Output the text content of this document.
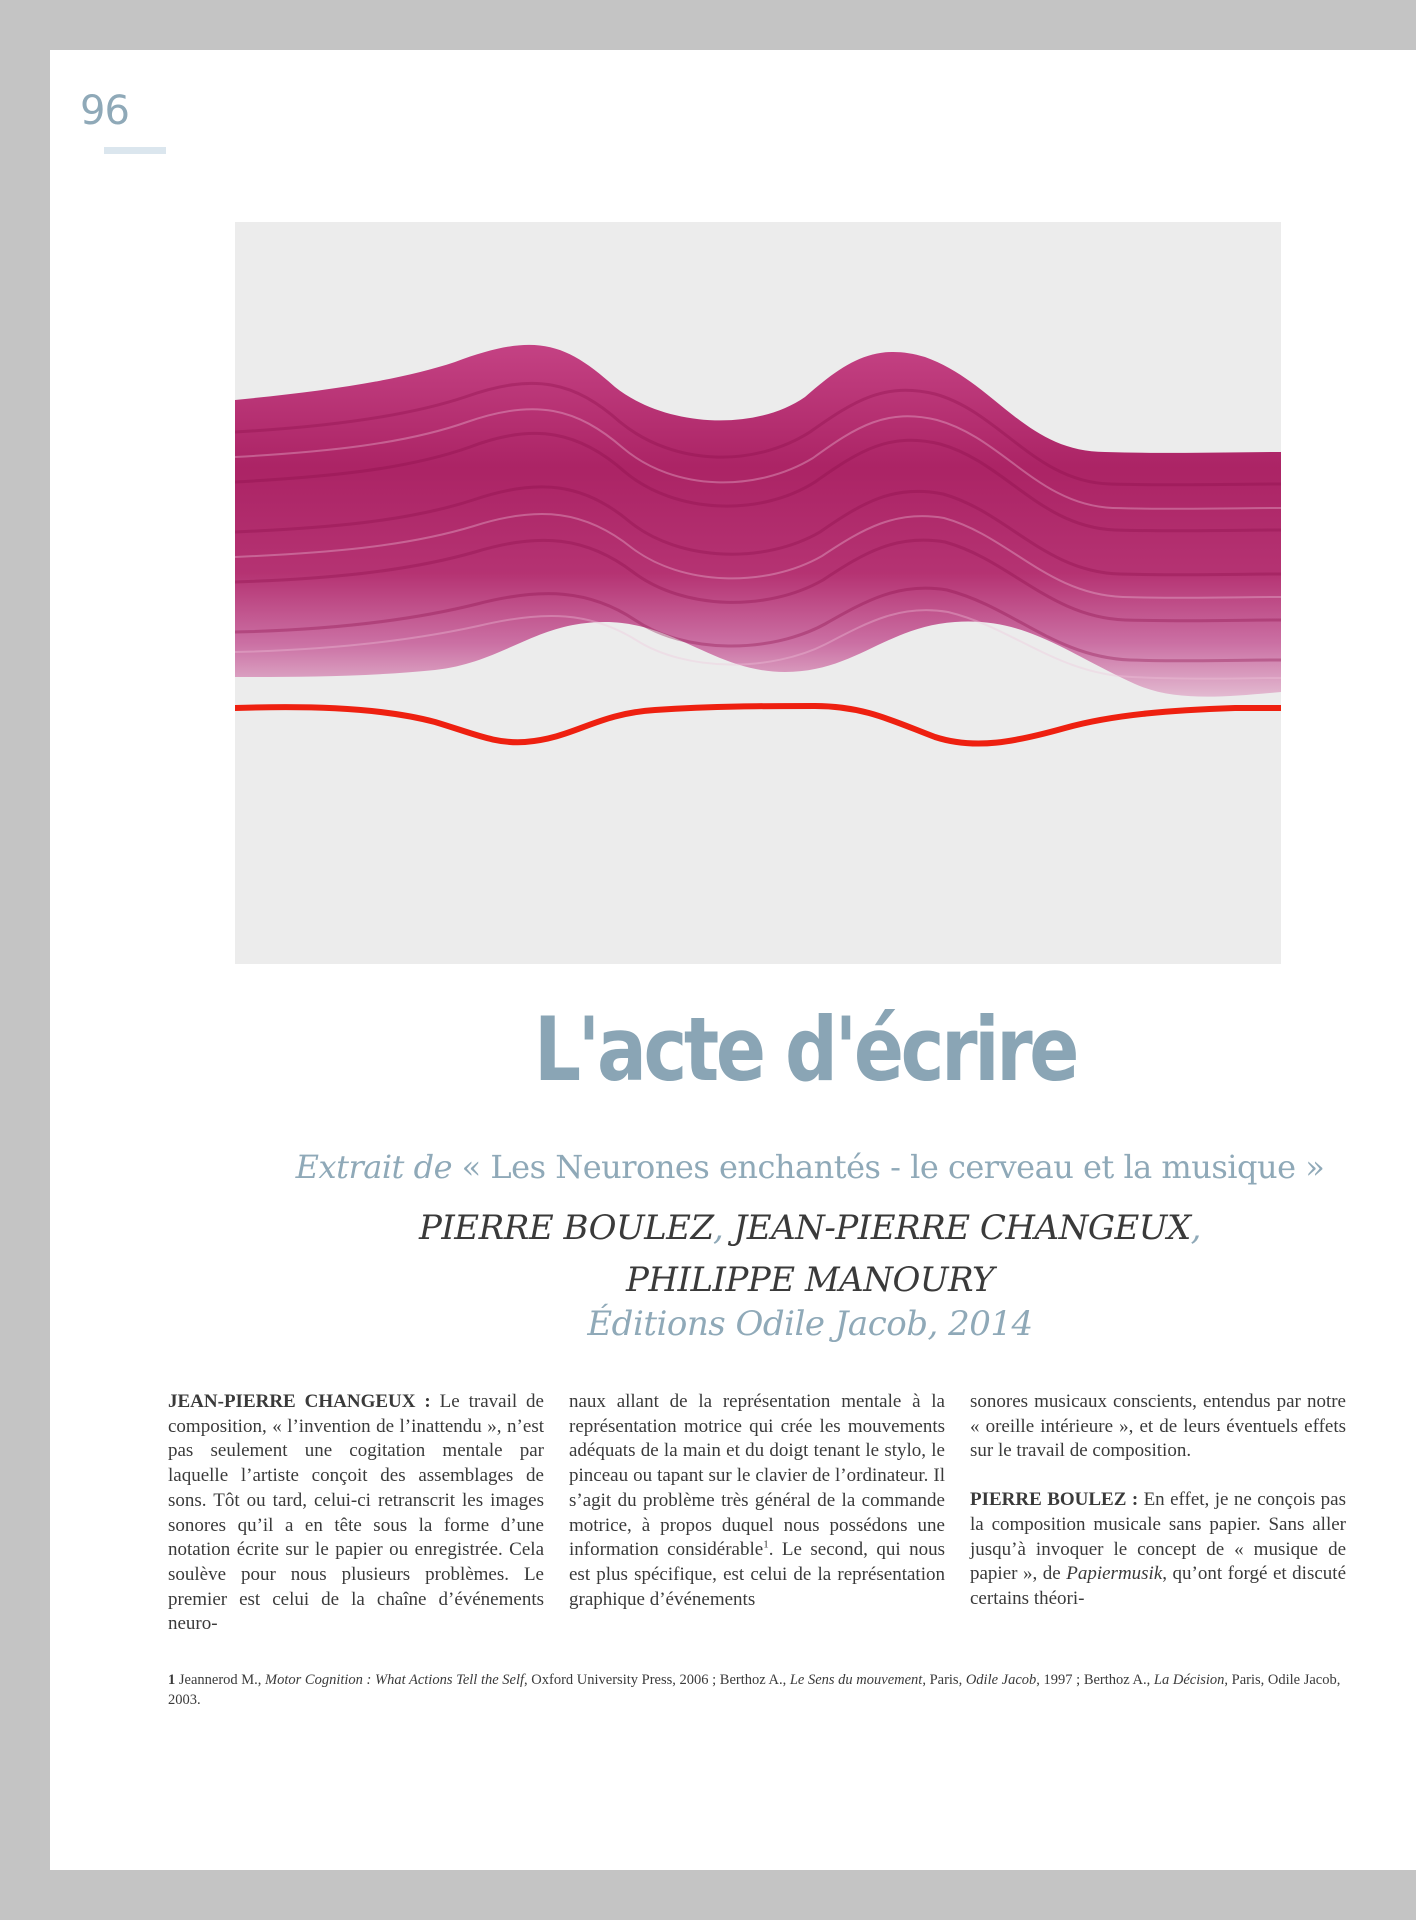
96
L'acte d'écrire
Extrait de « Les Neurones enchantés - le cerveau et la musique »
PIERRE BOULEZ, JEAN-PIERRE CHANGEUX,
PHILIPPE MANOURY
Éditions Odile Jacob, 2014

JEAN-PIERRE CHANGEUX : Le travail de composition, « l’invention de l’inattendu », n’est pas seulement une cogitation mentale par laquelle l’artiste conçoit des assemblages de sons. Tôt ou tard, celui-ci retranscrit les images sonores qu’il a en tête sous la forme d’une notation écrite sur le papier ou enregistrée. Cela soulève pour nous plusieurs problèmes. Le premier est celui de la chaîne d’événements neuro-

naux allant de la représentation mentale à la représentation motrice qui crée les mouvements adéquats de la main et du doigt tenant le stylo, le pinceau ou tapant sur le clavier de l’ordinateur. Il s’agit du problème très général de la commande motrice, à propos duquel nous possédons une information considérable$^1$. Le second, qui nous est plus spécifique, est celui de la représentation graphique d’événements

sonores musicaux conscients, entendus par notre « oreille intérieure », et de leurs éventuels effets sur le travail de composition.

PIERRE BOULEZ : En effet, je ne conçois pas la composition musicale sans papier. Sans aller jusqu’à invoquer le concept de « musique de papier », de Papiermusik, qu’ont forgé et discuté certains théori-

1 Jeannerod M., Motor Cognition : What Actions Tell the Self, Oxford University Press, 2006 ; Berthoz A., Le Sens du mouvement, Paris, Odile Jacob, 1997 ; Berthoz A., La Décision, Paris, Odile Jacob, 2003.
